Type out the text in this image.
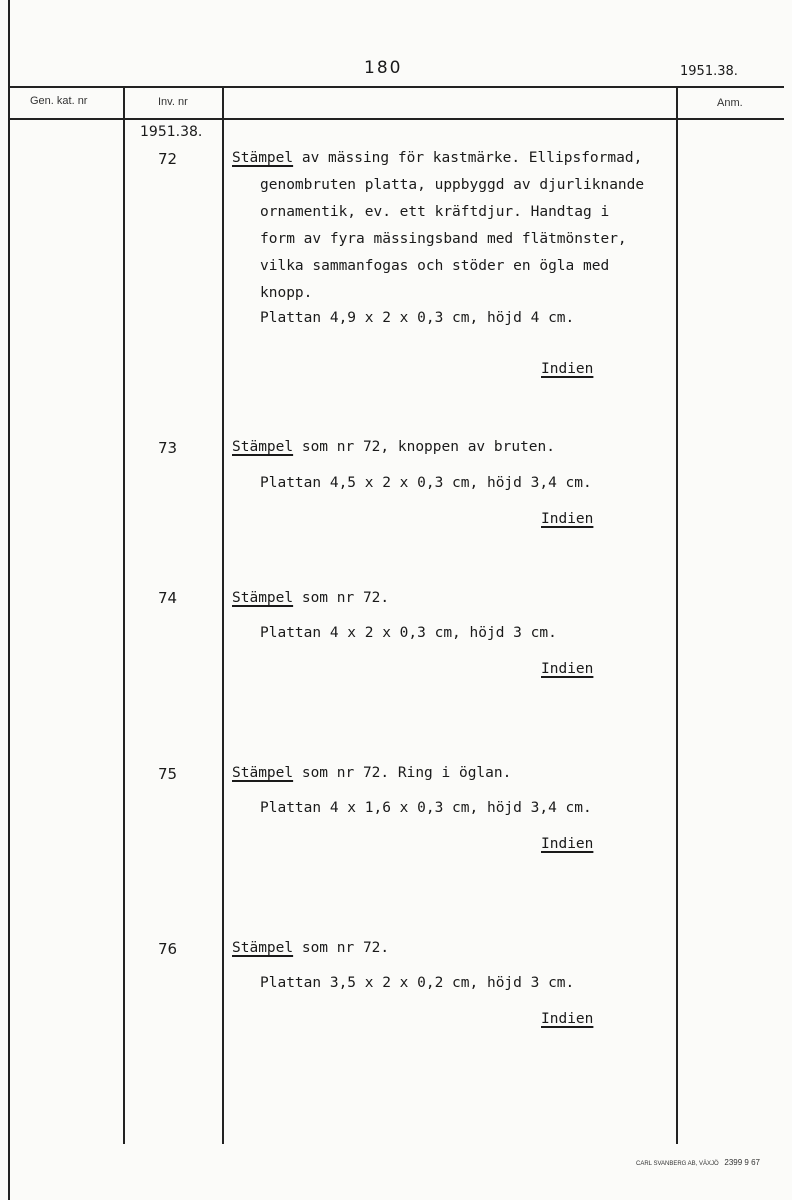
180	1951.38.
Gen. kat. nr	Inv. nr	Anm.
1951.38.
72	Stämpel av mässing för kastmärke. Ellipsformad,
genombruten platta, uppbyggd av djurliknande
ornamentik, ev. ett kräftdjur. Handtag i
form av fyra mässingsband med flätmönster,
vilka sammanfogas och stöder en ögla med
knopp.
Plattan 4,9 x 2 x 0,3 cm, höjd 4 cm.
Indien
73	Stämpel som nr 72, knoppen av bruten.
Plattan 4,5 x 2 x 0,3 cm, höjd 3,4 cm.
Indien
74	Stämpel som nr 72.
Plattan 4 x 2 x 0,3 cm, höjd 3 cm.
Indien
75	Stämpel som nr 72. Ring i öglan.
Plattan 4 x 1,6 x 0,3 cm, höjd 3,4 cm.
Indien
76	Stämpel som nr 72.
Plattan 3,5 x 2 x 0,2 cm, höjd 3 cm.
Indien
CARL SVANBERG AB, VÄXJÖ 2399 9 67
